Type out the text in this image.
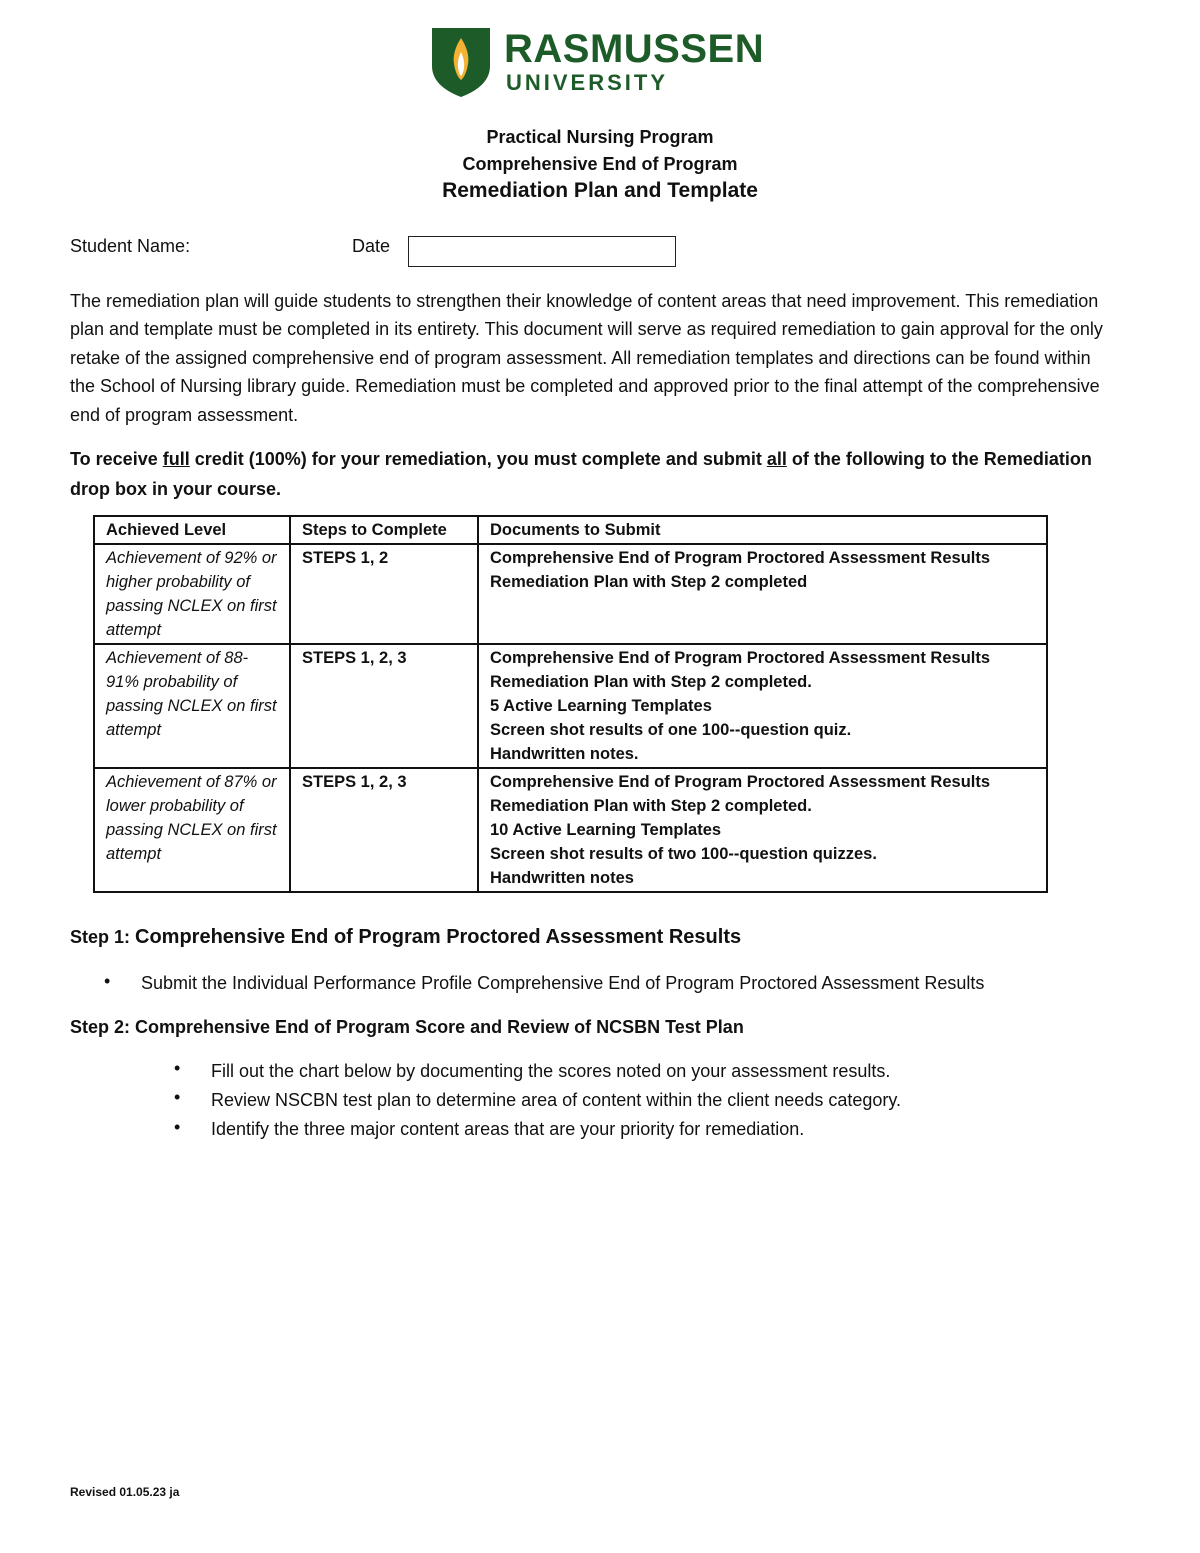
RASMUSSEN
UNIVERSITY
Practical Nursing Program
Comprehensive End of Program
Remediation Plan and Template
Student Name:	Date

The remediation plan will guide students to strengthen their knowledge of content areas that need improvement. This remediation plan and template must be completed in its entirety. This document will serve as required remediation to gain approval for the only retake of the assigned comprehensive end of program assessment. All remediation templates and directions can be found within the School of Nursing library guide. Remediation must be completed and approved prior to the final attempt of the comprehensive end of program assessment.

To receive full credit (100%) for your remediation, you must complete and submit all of the following to the Remediation drop box in your course.

Achieved Level	Steps to Complete	Documents to Submit
Achievement of 92% or higher probability of passing NCLEX on first attempt	STEPS 1, 2	Comprehensive End of Program Proctored Assessment Results
Remediation Plan with Step 2 completed

Achievement of 88-91% probability of passing NCLEX on first attempt	STEPS 1, 2, 3	Comprehensive End of Program Proctored Assessment Results
Remediation Plan with Step 2 completed.
5 Active Learning Templates
Screen shot results of one 100--question quiz.
Handwritten notes.

Achievement of 87% or lower probability of passing NCLEX on first attempt	STEPS 1, 2, 3	Comprehensive End of Program Proctored Assessment Results
Remediation Plan with Step 2 completed.
10 Active Learning Templates
Screen shot results of two 100--question quizzes.
Handwritten notes
Step 1: Comprehensive End of Program Proctored Assessment Results
• Submit the Individual Performance Profile Comprehensive End of Program Proctored Assessment Results
Step 2: Comprehensive End of Program Score and Review of NCSBN Test Plan
• Fill out the chart below by documenting the scores noted on your assessment results.
• Review NSCBN test plan to determine area of content within the client needs category.
• Identify the three major content areas that are your priority for remediation.
Revised 01.05.23 ja
